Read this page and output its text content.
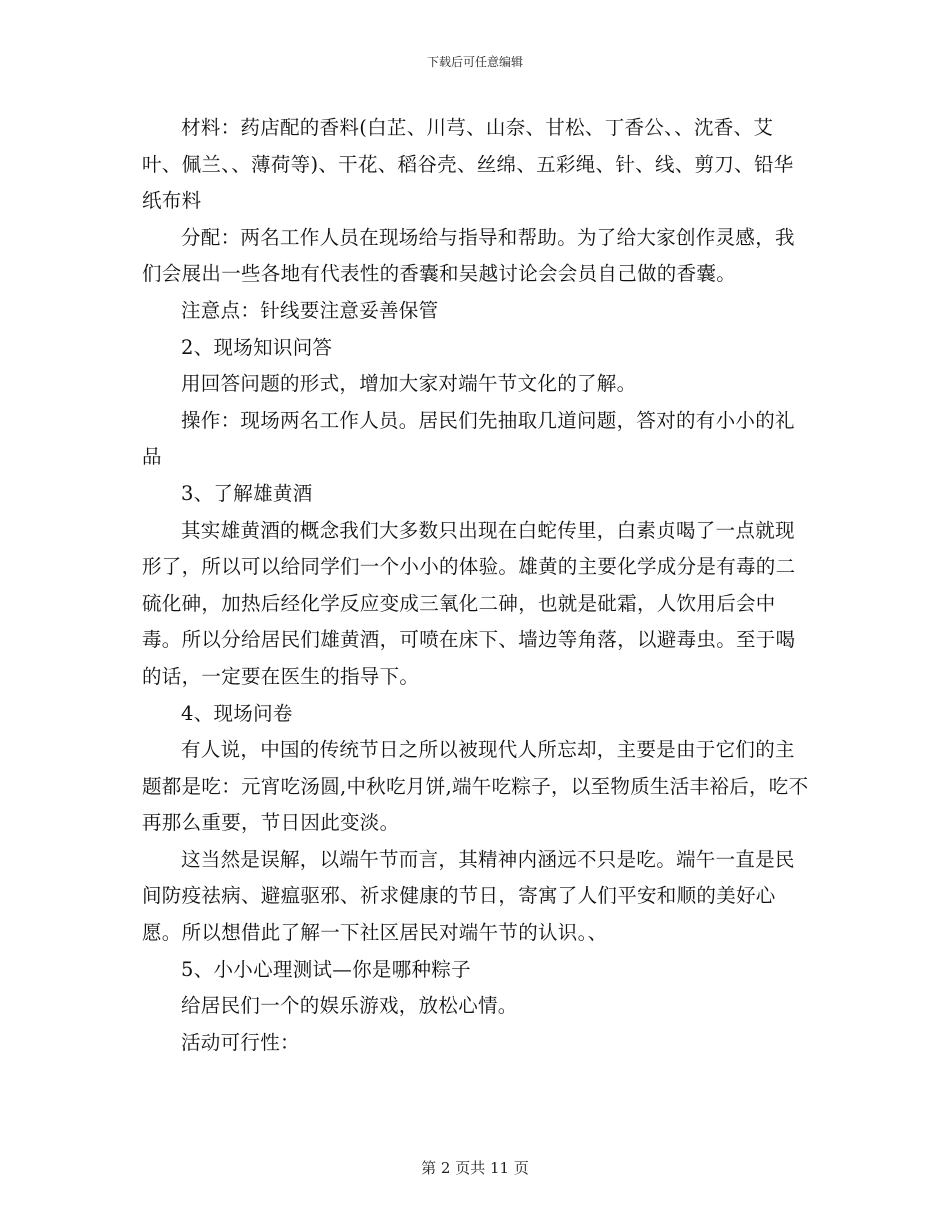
下载后可任意编辑

材料：药店配的香料(白芷、川芎、山奈、甘松、丁香公、、沈香、艾叶、佩兰、、薄荷等)、干花、稻谷壳、丝绵、五彩绳、针、线、剪刀、铅华纸布料

分配：两名工作人员在现场给与指导和帮助。为了给大家创作灵感，我们会展出一些各地有代表性的香囊和吴越讨论会会员自己做的香囊。

注意点：针线要注意妥善保管

2、现场知识问答

用回答问题的形式，增加大家对端午节文化的了解。

操作：现场两名工作人员。居民们先抽取几道问题，答对的有小小的礼品

3、了解雄黄酒

其实雄黄酒的概念我们大多数只出现在白蛇传里，白素贞喝了一点就现形了，所以可以给同学们一个小小的体验。雄黄的主要化学成分是有毒的二硫化砷，加热后经化学反应变成三氧化二砷，也就是砒霜，人饮用后会中毒。所以分给居民们雄黄酒，可喷在床下、墙边等角落，以避毒虫。至于喝的话，一定要在医生的指导下。

4、现场问卷

有人说，中国的传统节日之所以被现代人所忘却，主要是由于它们的主题都是吃：元宵吃汤圆,中秋吃月饼,端午吃粽子，以至物质生活丰裕后，吃不再那么重要，节日因此变淡。

这当然是误解，以端午节而言，其精神内涵远不只是吃。端午一直是民间防疫祛病、避瘟驱邪、祈求健康的节日，寄寓了人们平安和顺的美好心愿。所以想借此了解一下社区居民对端午节的认识。、

5、小小心理测试—你是哪种粽子

给居民们一个的娱乐游戏，放松心情。

活动可行性：

第 2 页共 11 页
